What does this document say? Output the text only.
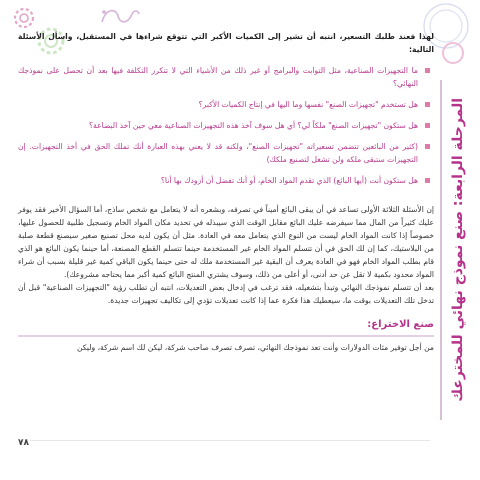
المرحلة الرابعة: صنع نموذج نهائي للمخترعك

لهذا فعند طلبك التسعير، انتبه أن تشير إلى الكميات الأكبر التي تتوقع شراءها في المستقبل، واسأل الأسئلة التالية:

ما التجهيزات الصناعية، مثل التوابت والبرامج أو غير ذلك من الأشياء التي لا تتكرر التكلفة فيها بعد أن تحصل على نموذجك النهائي؟
هل تستخدم "تجهيزات الصنع" نفسها وما اليها في إنتاج الكميات الأكبر؟
هل ستكون "تجهيزات الصنع" ملكاً لي؟ أي هل سوف آخذ هذه التجهيزات الصناعية معي حين آخذ البضاعة؟
(كثير من البائعين تتضمن تسعيراته "تجهيزات الصنع"، ولكنه قد لا يعني بهذه العبارة أنك تملك الحق في أخذ التجهيزات. إن التجهيزات ستبقى ملكه ولن تشغل لتصنيع ملكك)
هل ستكون أنت (أيها البائع) الذي تقدم المواد الخام، أو أنك تفضل أن أزودك بها أنا؟

إن الأسئلة الثلاثة الأولى تساعد في أن يبقى البائع أميناً في تصرفه، وبشعره أنه لا يتعامل مع شخص ساذج، أما السؤال الأخير فقد يوفر عليك كثيراً من المال مما سيفرضه عليك البائع مقابل الوقت الذي سيبذله في تحديد مكان المواد الخام وتسجيل طلبية للحصول عليها، خصوصاً إذا كانت المواد الخام ليست من النوع الذي يتعامل معه في العادة. مثل أن يكون لديه محل تصنيع صغير سيصنع قطعة صلبة من البلاستيك، كما إن لك الحق في أن تتسلم المواد الخام غير المستخدمة حينما تتسلم القطع المصنعة، أما حينما يكون البائع هو الذي قام بطلب المواد الخام فهو في العادة يعرف أن البقية غير المستخدمة ملك له حتى حينما يكون الباقي كمية غير قليلة بسبب أن شراء المواد محدود بكمية لا تقل عن حد أدنى، أو أعلى من ذلك، وسوف يشتري المنتج البائع كمية أكبر مما يحتاجه مشروعك).

بعد أن تتسلم نموذجك النهائي وتبدأ بتشغيله، فقد ترغب في إدخال بعض التعديلات، انتبه أن تطلب رؤية "التجهيزات الصناعية" قبل أن تدخل تلك التعديلات بوقت ما، سيعطيك هذا فكرة عما إذا كانت تعديلات تؤدي إلى تكاليف تجهيزات جديدة.

صنع الاختراع:

من أجل توفير مئات الدولارات وأنت تعد نموذجك النهائي، تصرف تصرف صاحب شركة، ليكن لك اسم شركة، وليكن

٧٨
